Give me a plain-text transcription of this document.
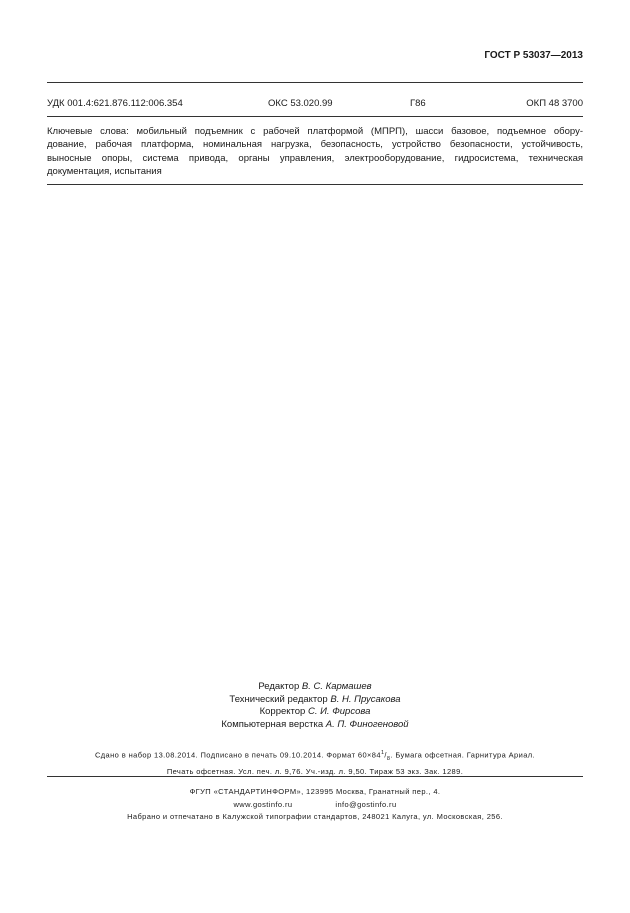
ГОСТ Р 53037—2013
УДК 001.4:621.876.112:006.354	ОКС 53.020.99	Г86	ОКП 48 3700
Ключевые слова: мобильный подъемник с рабочей платформой (МПРП), шасси базовое, подъемное обору-
дование, рабочая платформа, номинальная нагрузка, безопасность, устройство безопасности, устойчивость,
выносные опоры, система привода, органы управления, электрооборудование, гидросистема, техническая
документация, испытания
Редактор В. С. Кармашев
Технический редактор В. Н. Прусакова
Корректор С. И. Фирсова
Компьютерная верстка А. П. Финогеновой
Сдано в набор 13.08.2014. Подписано в печать 09.10.2014. Формат $60\times 84^1/_8$. Бумага офсетная. Гарнитура Ариал.
Печать офсетная. Усл. печ. л. 9,76. Уч.-изд. л. 9,50. Тираж 53 экз. Зак. 1289.
ФГУП «СТАНДАРТИНФОРМ», 123995 Москва, Гранатный пер., 4.
www.gostinfo.ru	info@gostinfo.ru
Набрано и отпечатано в Калужской типографии стандартов, 248021 Калуга, ул. Московская, 256.
